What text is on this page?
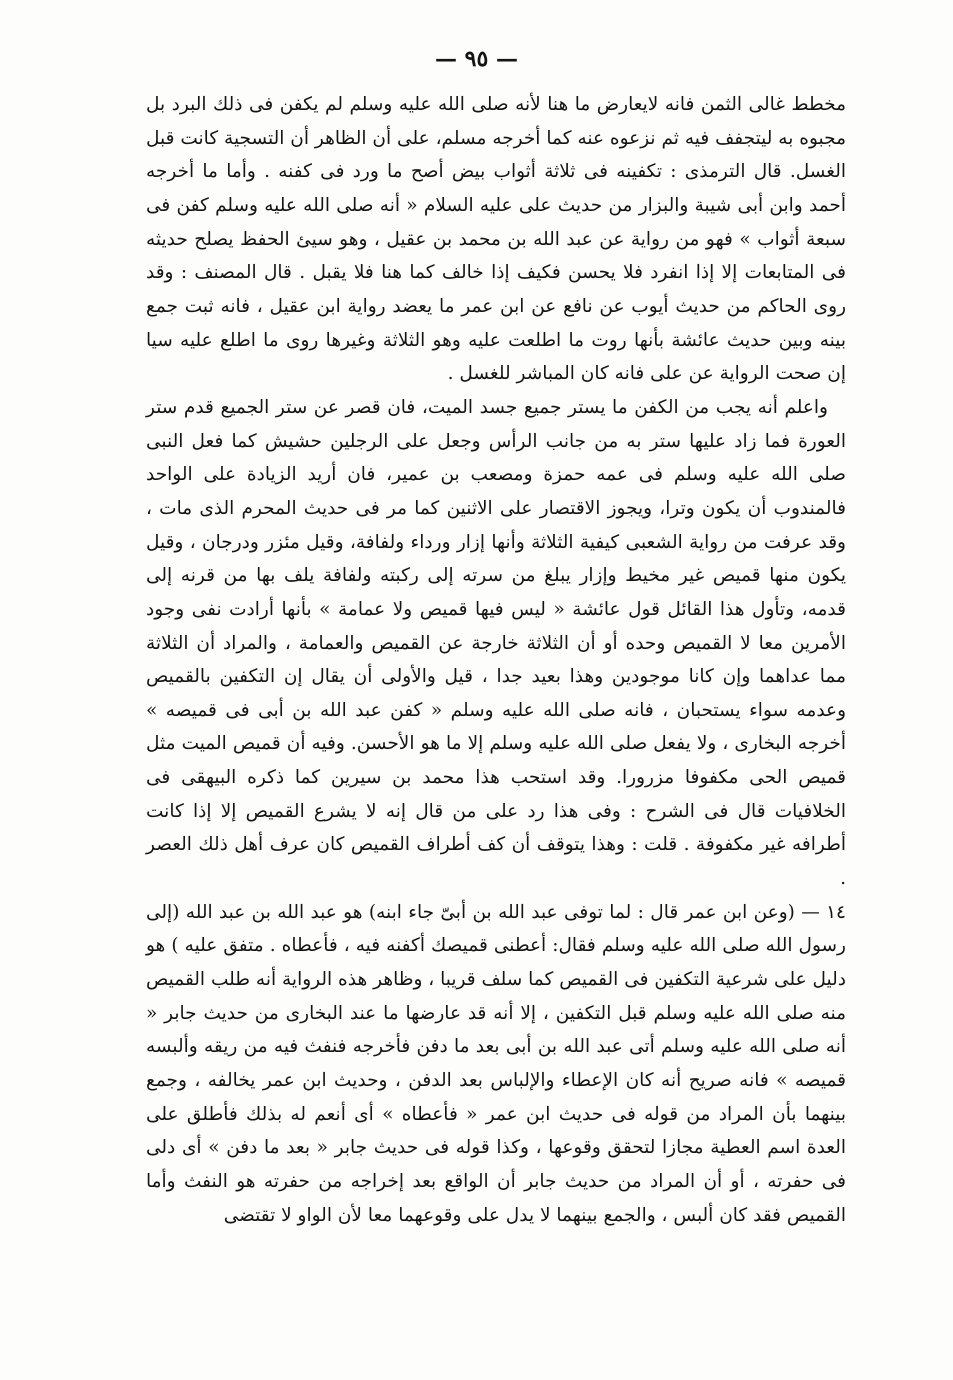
— ٩٥ —

مخطط غالى الثمن فانه لايعارض ما هنا لأنه صلى الله عليه وسلم لم يكفن فى ذلك البرد بل مجبوه به ليتجفف فيه ثم نزعوه عنه كما أخرجه مسلم، على أن الظاهر أن التسجية كانت قبل الغسل. قال الترمذى : تكفينه فى ثلاثة أثواب بيض أصح ما ورد فى كفنه . وأما ما أخرجه أحمد وابن أبى شيبة والبزار من حديث على عليه السلام « أنه صلى الله عليه وسلم كفن فى سبعة أثواب » فهو من رواية عن عبد الله بن محمد بن عقيل ، وهو سيئ الحفظ يصلح حديثه فى المتابعات إلا إذا انفرد فلا يحسن فكيف إذا خالف كما هنا فلا يقبل . قال المصنف : وقد روى الحاكم من حديث أيوب عن نافع عن ابن عمر ما يعضد رواية ابن عقيل ، فانه ثبت جمع بينه وبين حديث عائشة بأنها روت ما اطلعت عليه وهو الثلاثة وغيرها روى ما اطلع عليه سيا إن صحت الرواية عن على فانه كان المباشر للغسل .

واعلم أنه يجب من الكفن ما يستر جميع جسد الميت، فان قصر عن ستر الجميع قدم ستر العورة فما زاد عليها ستر به من جانب الرأس وجعل على الرجلين حشيش كما فعل النبى صلى الله عليه وسلم فى عمه حمزة ومصعب بن عمير، فان أريد الزيادة على الواحد فالمندوب أن يكون وترا، ويجوز الاقتصار على الاثنين كما مر فى حديث المحرم الذى مات ، وقد عرفت من رواية الشعبى كيفية الثلاثة وأنها إزار ورداء ولفافة، وقيل مئزر ودرجان ، وقيل يكون منها قميص غير مخيط وإزار يبلغ من سرته إلى ركبته ولفافة يلف بها من قرنه إلى قدمه، وتأول هذا القائل قول عائشة « ليس فيها قميص ولا عمامة » بأنها أرادت نفى وجود الأمرين معا لا القميص وحده أو أن الثلاثة خارجة عن القميص والعمامة ، والمراد أن الثلاثة مما عداهما وإن كانا موجودين وهذا بعيد جدا ، قيل والأولى أن يقال إن التكفين بالقميص وعدمه سواء يستحبان ، فانه صلى الله عليه وسلم « كفن عبد الله بن أبى فى قميصه » أخرجه البخارى ، ولا يفعل صلى الله عليه وسلم إلا ما هو الأحسن. وفيه أن قميص الميت مثل قميص الحى مكفوفا مزرورا. وقد استحب هذا محمد بن سيرين كما ذكره البيهقى فى الخلافيات قال فى الشرح : وفى هذا رد على من قال إنه لا يشرع القميص إلا إذا كانت أطرافه غير مكفوفة . قلت : وهذا يتوقف أن كف أطراف القميص كان عرف أهل ذلك العصر .

١٤ — (وعن ابن عمر قال : لما توفى عبد الله بن أبىّ جاء ابنه) هو عبد الله بن عبد الله (إلى رسول الله صلى الله عليه وسلم فقال: أعطنى قميصك أكفنه فيه ، فأعطاه . متفق عليه ) هو دليل على شرعية التكفين فى القميص كما سلف قريبا ، وظاهر هذه الرواية أنه طلب القميص منه صلى الله عليه وسلم قبل التكفين ، إلا أنه قد عارضها ما عند البخارى من حديث جابر « أنه صلى الله عليه وسلم أتى عبد الله بن أبى بعد ما دفن فأخرجه فنفث فيه من ريقه وألبسه قميصه » فانه صريح أنه كان الإعطاء والإلباس بعد الدفن ، وحديث ابن عمر يخالفه ، وجمع بينهما بأن المراد من قوله فى حديث ابن عمر « فأعطاه » أى أنعم له بذلك فأطلق على العدة اسم العطية مجازا لتحقق وقوعها ، وكذا قوله فى حديث جابر « بعد ما دفن » أى دلى فى حفرته ، أو أن المراد من حديث جابر أن الواقع بعد إخراجه من حفرته هو النفث وأما القميص فقد كان ألبس ، والجمع بينهما لا يدل على وقوعهما معا لأن الواو لا تقتضى
